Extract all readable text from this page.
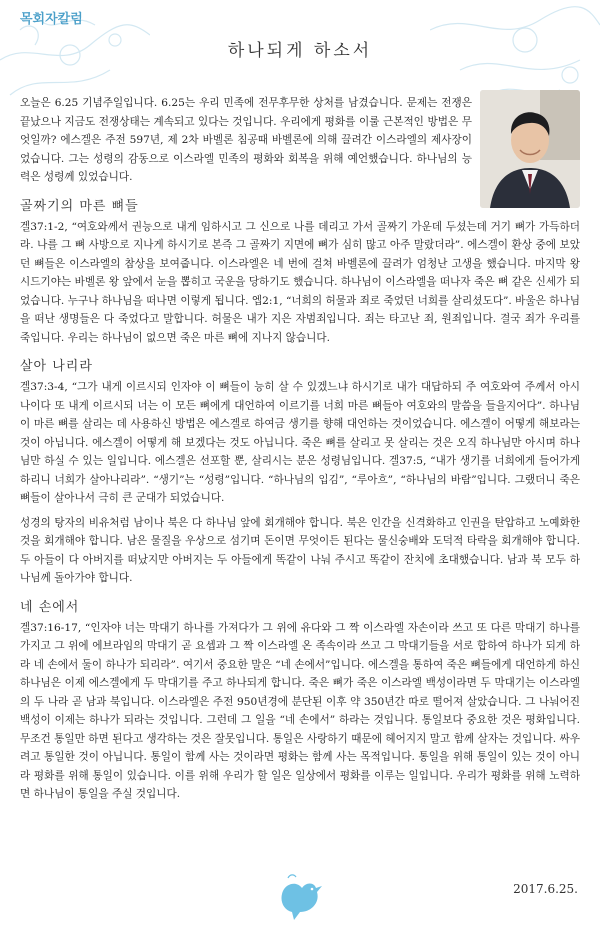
목회자칼럼
하나되게 하소서

오늘은 6.25 기념주일입니다. 6.25는 우리 민족에 전무후무한 상처를 남겼습니다. 문제는 전쟁은 끝났으나 지금도 전쟁상태는 계속되고 있다는 것입니다. 우리에게 평화를 이룰 근본적인 방법은 무엇일까? 에스겔은 주전 597년, 제 2차 바벨론 침공때 바벨론에 의해 끌려간 이스라엘의 제사장이었습니다. 그는 성령의 감동으로 이스라엘 민족의 평화와 회복을 위해 예언했습니다. 하나님의 능력은 성령께 있었습니다.

골짜기의 마른 뼈들

겔37:1-2, “여호와께서 권능으로 내게 임하시고 그 신으로 나를 데리고 가서 골짜기 가운데 두셨는데 거기 뼈가 가득하더라. 나를 그 뼈 사방으로 지나게 하시기로 본즉 그 골짜기 지면에 뼈가 심히 많고 아주 말랐더라”. 에스겔이 환상 중에 보았던 뼈들은 이스라엘의 참상을 보여줍니다. 이스라엘은 네 번에 걸쳐 바벨론에 끌려가 엄청난 고생을 했습니다. 마지막 왕 시드기야는 바벨론 왕 앞에서 눈을 뽑히고 국운을 당하기도 했습니다. 하나님이 이스라엘을 떠나자 죽은 뼈 같은 신세가 되었습니다. 누구나 하나님을 떠나면 이렇게 됩니다. 엡2:1, “너희의 허물과 죄로 죽었던 너희를 살리셨도다”. 바울은 하나님을 떠난 생명들은 다 죽었다고 말합니다. 허물은 내가 지은 자범죄입니다. 죄는 타고난 죄, 원죄입니다. 결국 죄가 우리를 죽입니다. 우리는 하나님이 없으면 죽은 마른 뼈에 지나지 않습니다.

살아 나리라

겔37:3-4, “그가 내게 이르시되 인자야 이 뼈들이 능히 살 수 있겠느냐 하시기로 내가 대답하되 주 여호와여 주께서 아시나이다 또 내게 이르시되 너는 이 모든 뼈에게 대언하여 이르기를 너희 마른 뼈들아 여호와의 말씀을 들을지어다”. 하나님이 마른 뼈를 살리는 데 사용하신 방법은 에스겔로 하여금 생기를 향해 대언하는 것이었습니다. 에스겔이 어떻게 해보라는 것이 아닙니다. 에스겔이 어떻게 해 보겠다는 것도 아닙니다. 죽은 뼈를 살리고 못 살리는 것은 오직 하나님만 아시며 하나님만 하실 수 있는 일입니다. 에스겔은 선포할 뿐, 살리시는 분은 성령님입니다. 겔37:5, “내가 생기를 너희에게 들어가게 하리니 너희가 살아나리라”. “생기”는 “성령”입니다. “하나님의 입김”, “루아흐”, “하나님의 바람”입니다. 그랬더니 죽은 뼈들이 살아나서 극히 큰 군대가 되었습니다.

성경의 탕자의 비유처럼 남이나 북은 다 하나님 앞에 회개해야 합니다. 북은 인간을 신격화하고 인권을 탄압하고 노예화한 것을 회개해야 합니다. 남은 물질을 우상으로 섬기며 돈이면 무엇이든 된다는 물신숭배와 도덕적 타락을 회개해야 합니다. 두 아들이 다 아버지를 떠났지만 아버지는 두 아들에게 똑같이 나눠 주시고 똑같이 잔치에 초대했습니다. 남과 북 모두 하나님께 돌아가야 합니다.

네 손에서

겔37:16-17, “인자야 너는 막대기 하나를 가져다가 그 위에 유다와 그 짝 이스라엘 자손이라 쓰고 또 다른 막대기 하나를 가지고 그 위에 에브라임의 막대기 곧 요셉과 그 짝 이스라엘 온 족속이라 쓰고 그 막대기들을 서로 합하여 하나가 되게 하라 네 손에서 둘이 하나가 되리라”. 여기서 중요한 말은 “네 손에서”입니다. 에스겔을 통하여 죽은 뼈들에게 대언하게 하신 하나님은 이제 에스겔에게 두 막대기를 주고 하나되게 합니다. 죽은 뼈가 죽은 이스라엘 백성이라면 두 막대기는 이스라엘의 두 나라 곧 남과 북입니다. 이스라엘은 주전 950년경에 분단된 이후 약 350년간 따로 떨어져 살았습니다. 그 나눠어진 백성이 이제는 하나가 되라는 것입니다. 그런데 그 일을 “네 손에서” 하라는 것입니다. 통일보다 중요한 것은 평화입니다. 무조건 통일만 하면 된다고 생각하는 것은 잘못입니다. 통일은 사랑하기 때문에 헤어지지 말고 함께 살자는 것입니다. 싸우려고 통일한 것이 아닙니다. 통일이 함께 사는 것이라면 평화는 함께 사는 목적입니다. 통일을 위해 통일이 있는 것이 아니라 평화를 위해 통일이 있습니다. 이를 위해 우리가 할 일은 일상에서 평화를 이루는 일입니다. 우리가 평화를 위해 노력하면 하나님이 통일을 주실 것입니다.

2017.6.25.
